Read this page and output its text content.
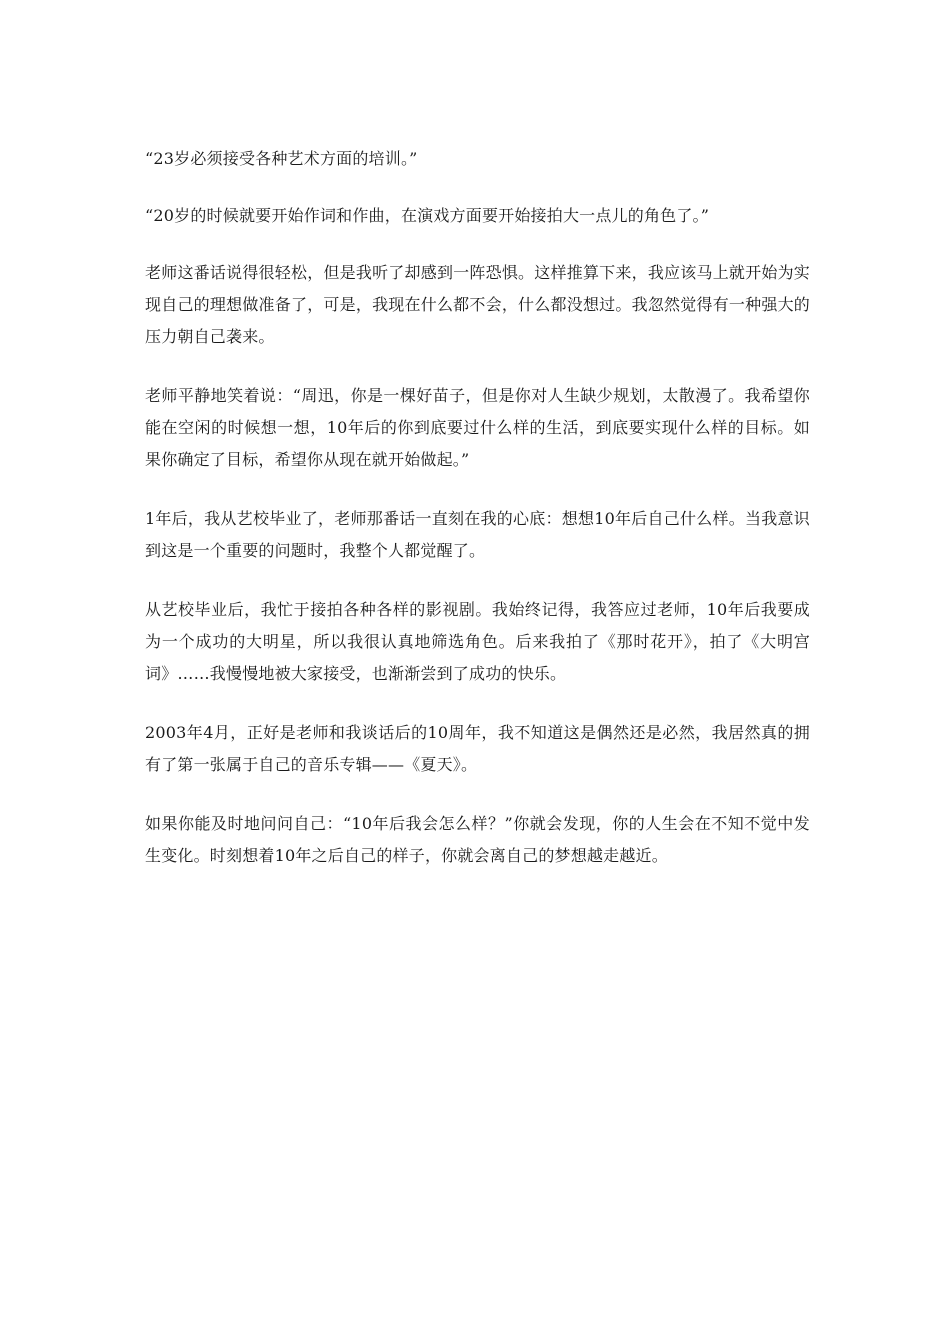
“23岁必须接受各种艺术方面的培训。”

“20岁的时候就要开始作词和作曲，在演戏方面要开始接拍大一点儿的角色了。”

老师这番话说得很轻松，但是我听了却感到一阵恐惧。这样推算下来，我应该马上就开始为实现自己的理想做准备了，可是，我现在什么都不会，什么都没想过。我忽然觉得有一种强大的压力朝自己袭来。

老师平静地笑着说：“周迅，你是一棵好苗子，但是你对人生缺少规划，太散漫了。我希望你能在空闲的时候想一想，10年后的你到底要过什么样的生活，到底要实现什么样的目标。如果你确定了目标，希望你从现在就开始做起。”

1年后，我从艺校毕业了，老师那番话一直刻在我的心底：想想10年后自己什么样。当我意识到这是一个重要的问题时，我整个人都觉醒了。

从艺校毕业后，我忙于接拍各种各样的影视剧。我始终记得，我答应过老师，10年后我要成为一个成功的大明星，所以我很认真地筛选角色。后来我拍了《那时花开》，拍了《大明宫词》……我慢慢地被大家接受，也渐渐尝到了成功的快乐。

2003年4月，正好是老师和我谈话后的10周年，我不知道这是偶然还是必然，我居然真的拥有了第一张属于自己的音乐专辑——《夏天》。

如果你能及时地问问自己：“10年后我会怎么样？”你就会发现，你的人生会在不知不觉中发生变化。时刻想着10年之后自己的样子，你就会离自己的梦想越走越近。
